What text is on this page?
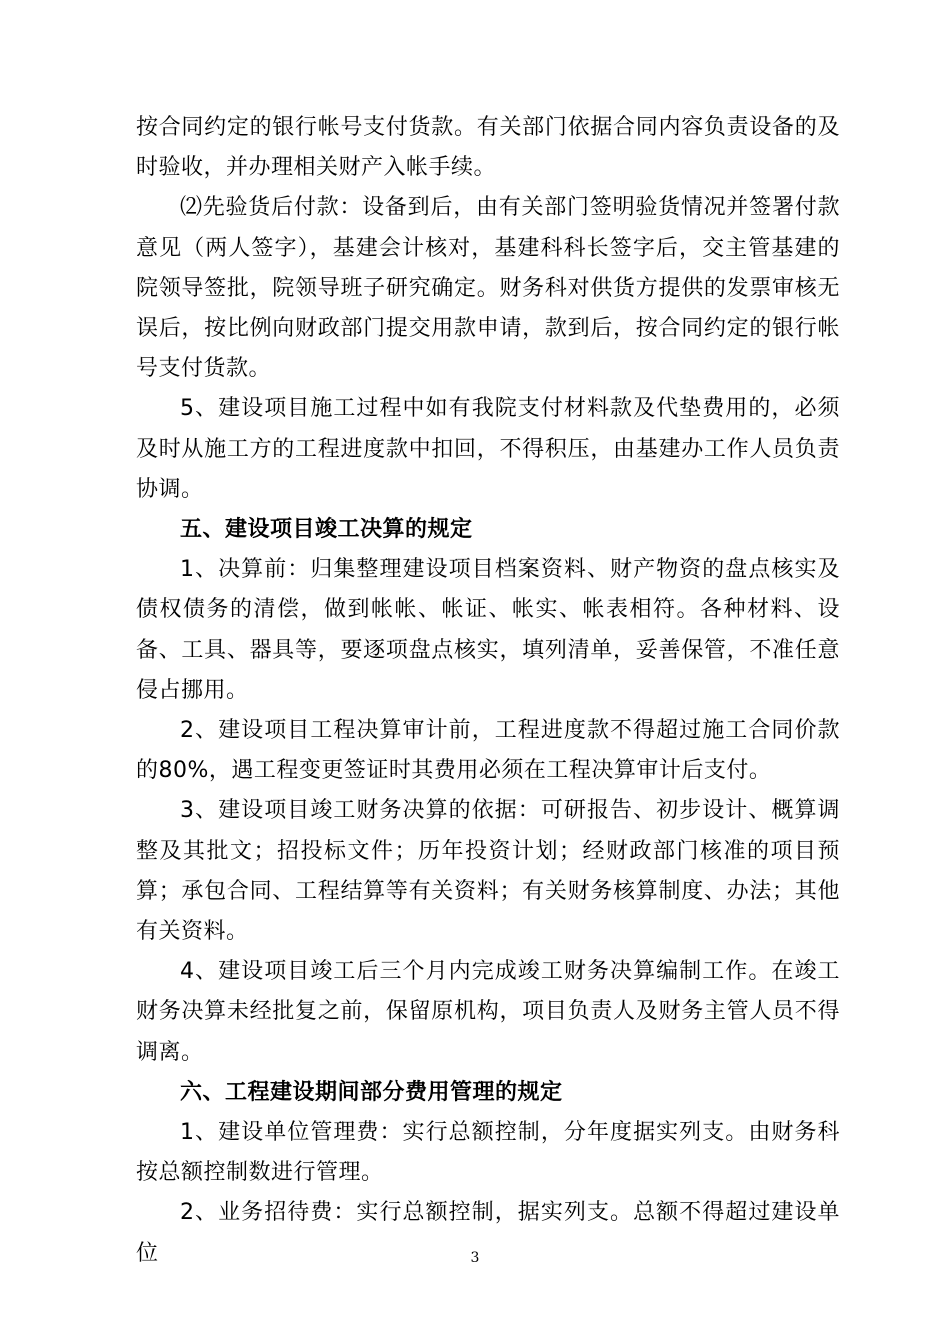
按合同约定的银行帐号支付货款。有关部门依据合同内容负责设备的及时验收，并办理相关财产入帐手续。

⑵先验货后付款：设备到后，由有关部门签明验货情况并签署付款意见（两人签字），基建会计核对，基建科科长签字后，交主管基建的院领导签批，院领导班子研究确定。财务科对供货方提供的发票审核无误后，按比例向财政部门提交用款申请，款到后，按合同约定的银行帐号支付货款。

5、建设项目施工过程中如有我院支付材料款及代垫费用的，必须及时从施工方的工程进度款中扣回，不得积压，由基建办工作人员负责协调。

五、建设项目竣工决算的规定

1、决算前：归集整理建设项目档案资料、财产物资的盘点核实及债权债务的清偿，做到帐帐、帐证、帐实、帐表相符。各种材料、设备、工具、器具等，要逐项盘点核实，填列清单，妥善保管，不准任意侵占挪用。

2、建设项目工程决算审计前，工程进度款不得超过施工合同价款的80%，遇工程变更签证时其费用必须在工程决算审计后支付。

3、建设项目竣工财务决算的依据：可研报告、初步设计、概算调整及其批文；招投标文件；历年投资计划；经财政部门核准的项目预算；承包合同、工程结算等有关资料；有关财务核算制度、办法；其他有关资料。

4、建设项目竣工后三个月内完成竣工财务决算编制工作。在竣工财务决算未经批复之前，保留原机构，项目负责人及财务主管人员不得调离。

六、工程建设期间部分费用管理的规定

1、建设单位管理费：实行总额控制，分年度据实列支。由财务科按总额控制数进行管理。

2、业务招待费：实行总额控制，据实列支。总额不得超过建设单位	3
